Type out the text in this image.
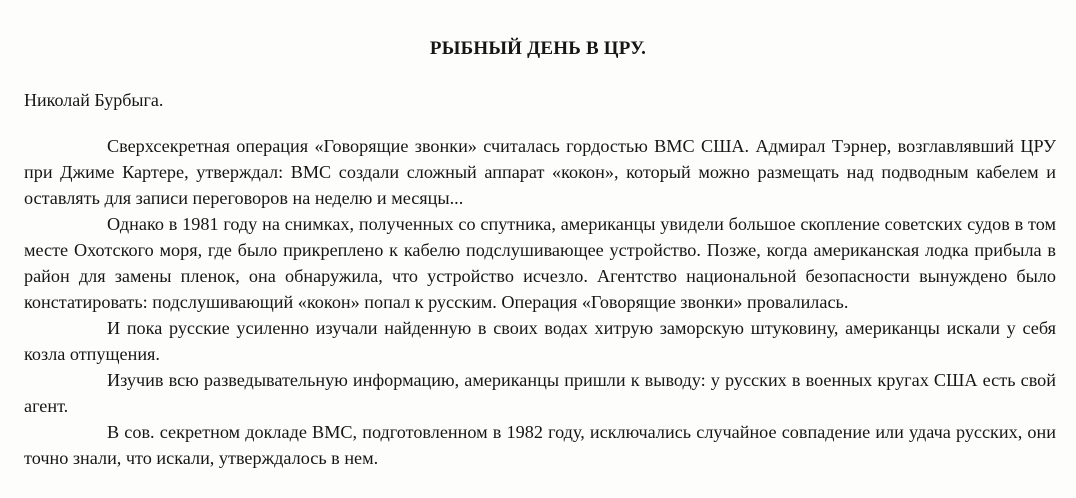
РЫБНЫЙ ДЕНЬ В ЦРУ.
Николай Бурбыга.

Сверхсекретная операция «Говорящие звонки» считалась гордостью ВМС США. Адмирал Тэрнер, возглавлявший ЦРУ при Джиме Картере, утверждал: ВМС создали сложный аппарат «кокон», который можно размещать над подводным кабелем и оставлять для записи переговоров на неделю и месяцы...

Однако в 1981 году на снимках, полученных со спутника, американцы увидели большое скопление советских судов в том месте Охотского моря, где было прикреплено к кабелю подслушивающее устройство. Позже, когда американская лодка прибыла в район для замены пленок, она обнаружила, что устройство исчезло. Агентство национальной безопасности вынуждено было констатировать: подслушивающий «кокон» попал к русским. Операция «Говорящие звонки» провалилась.

И пока русские усиленно изучали найденную в своих водах хитрую заморскую штуковину, американцы искали у себя козла отпущения.

Изучив всю разведывательную информацию, американцы пришли к выводу: у русских в военных кругах США есть свой агент.

В сов. секретном докладе ВМС, подготовленном в 1982 году, исключались случайное совпадение или удача русских, они точно знали, что искали, утверждалось в нем.
